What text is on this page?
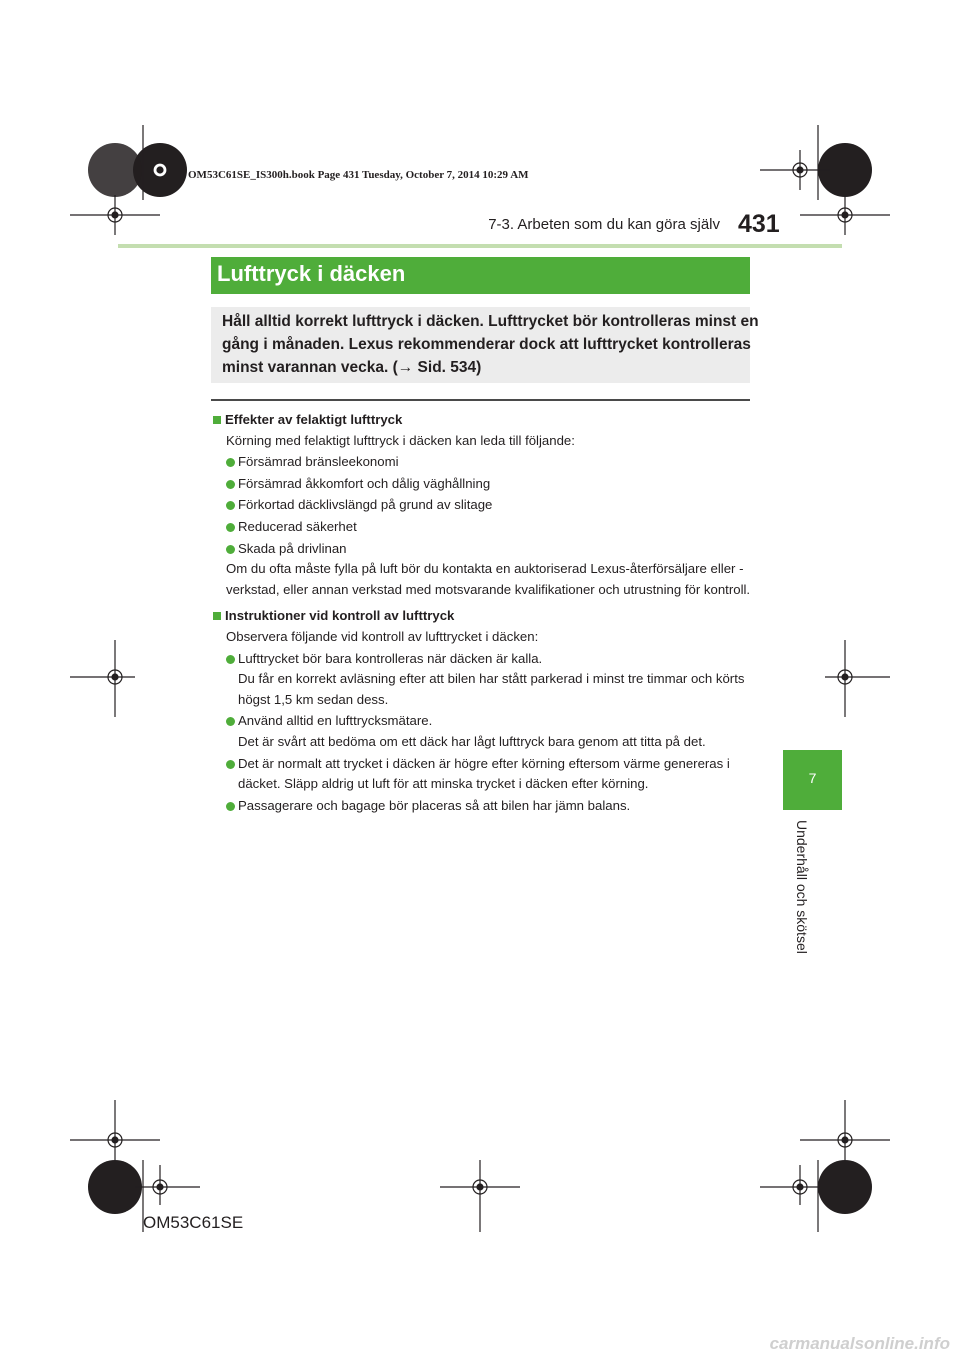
OM53C61SE_IS300h.book Page 431 Tuesday, October 7, 2014 10:29 AM
7-3. Arbeten som du kan göra själv 431
Lufttryck i däcken
Håll alltid korrekt lufttryck i däcken. Lufttrycket bör kontrolleras minst en
gång i månaden. Lexus rekommenderar dock att lufttrycket kontrolleras
minst varannan vecka. (→ Sid. 534)
Effekter av felaktigt lufttryck
Körning med felaktigt lufttryck i däcken kan leda till följande:
Försämrad bränsleekonomi
Försämrad åkkomfort och dålig väghållning
Förkortad däcklivslängd på grund av slitage
Reducerad säkerhet
Skada på drivlinan
Om du ofta måste fylla på luft bör du kontakta en auktoriserad Lexus-återförsäljare eller -
verkstad, eller annan verkstad med motsvarande kvalifikationer och utrustning för kontroll.
Instruktioner vid kontroll av lufttryck
Observera följande vid kontroll av lufttrycket i däcken:
Lufttrycket bör bara kontrolleras när däcken är kalla.
Du får en korrekt avläsning efter att bilen har stått parkerad i minst tre timmar och körts
högst 1,5 km sedan dess.
Använd alltid en lufttrycksmätare.
Det är svårt att bedöma om ett däck har lågt lufttryck bara genom att titta på det.
Det är normalt att trycket i däcken är högre efter körning eftersom värme genereras i
däcket. Släpp aldrig ut luft för att minska trycket i däcken efter körning.
Passagerare och bagage bör placeras så att bilen har jämn balans.
7
Underhåll och skötsel
OM53C61SE
carmanualsonline.info
